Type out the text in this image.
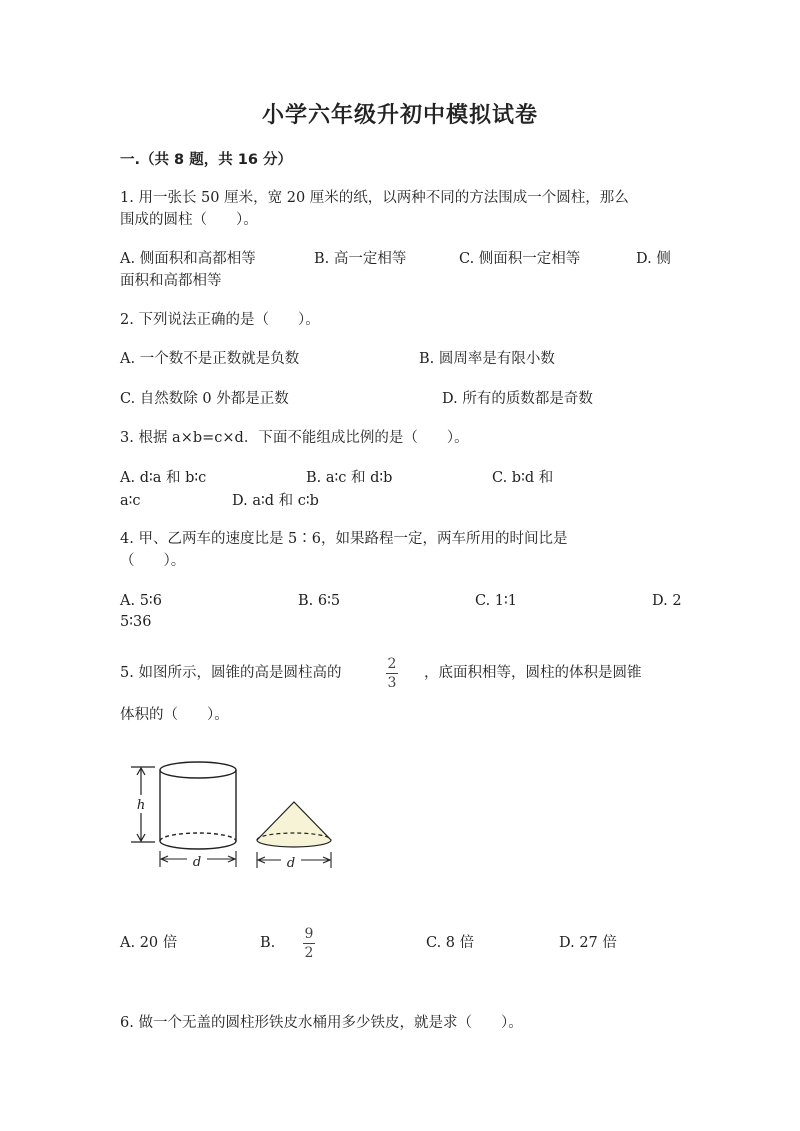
小学六年级升初中模拟试卷
一.（共 8 题，共 16 分）
1. 用一张长 50 厘米，宽 20 厘米的纸，以两种不同的方法围成一个圆柱，那么
围成的圆柱（　　）。
A. 侧面积和高都相等	B. 高一定相等	C. 侧面积一定相等	D. 侧
面积和高都相等
2. 下列说法正确的是（　　）。
A. 一个数不是正数就是负数	B. 圆周率是有限小数
C. 自然数除 0 外都是正数	D. 所有的质数都是奇数
3. 根据 a×b=c×d．下面不能组成比例的是（　　）。
A. d∶a 和 b∶c	B. a∶c 和 d∶b	C. b∶d 和
a∶c	D. a∶d 和 c∶b
4. 甲、乙两车的速度比是 5∶6，如果路程一定，两车所用的时间比是
（　　）。
A. 5∶6	B. 6∶5	C. 1∶1	D. 2
5∶36
5. 如图所示，圆锥的高是圆柱高的
2
3
，底面积相等，圆柱的体积是圆锥
体积的（　　）。
h
d	d
A. 20 倍	B.
9
2
C. 8 倍	D. 27 倍
6. 做一个无盖的圆柱形铁皮水桶用多少铁皮，就是求（　　）。
